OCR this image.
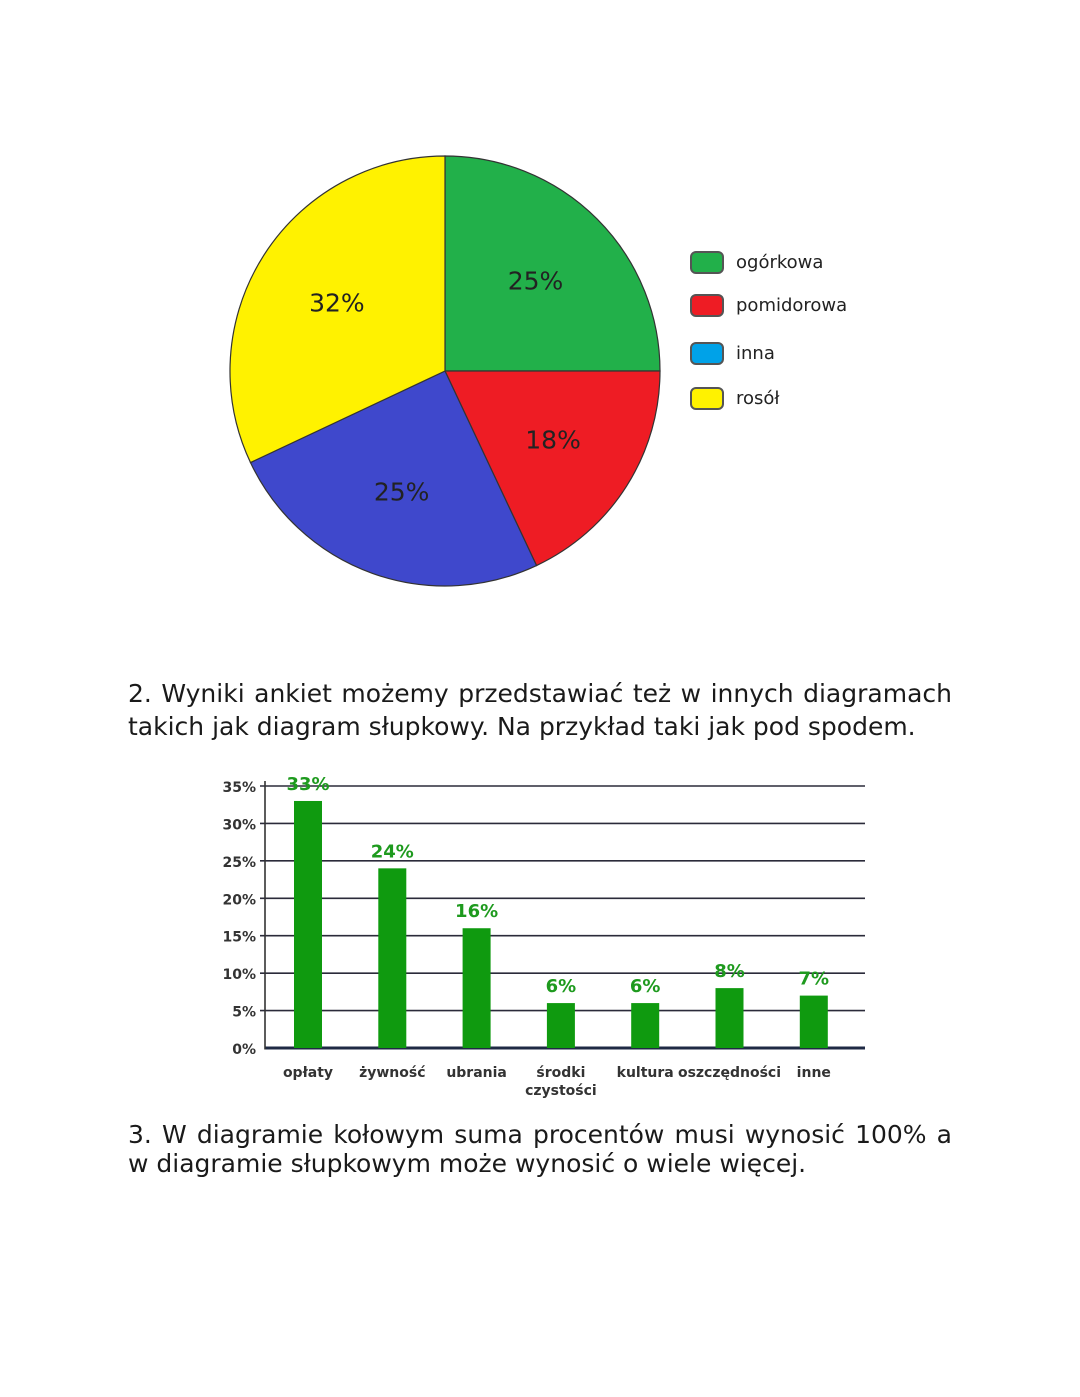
25%
18%
25%
32%
ogórkowa
pomidorowa
inna
rosół

2. Wyniki ankiet możemy przedstawiać też w innych diagramach takich jak diagram słupkowy. Na przykład taki jak pod spodem.

0%
5%
10%
15%
20%
25%
30%
35% 33%
opłaty
24%
żywność
16%
ubrania
6%
środki czystości
6%
kultura
8%
oszczędności
7%
inne

3. W diagramie kołowym suma procentów musi wynosić 100% a w diagramie słupkowym może wynosić o wiele więcej.
